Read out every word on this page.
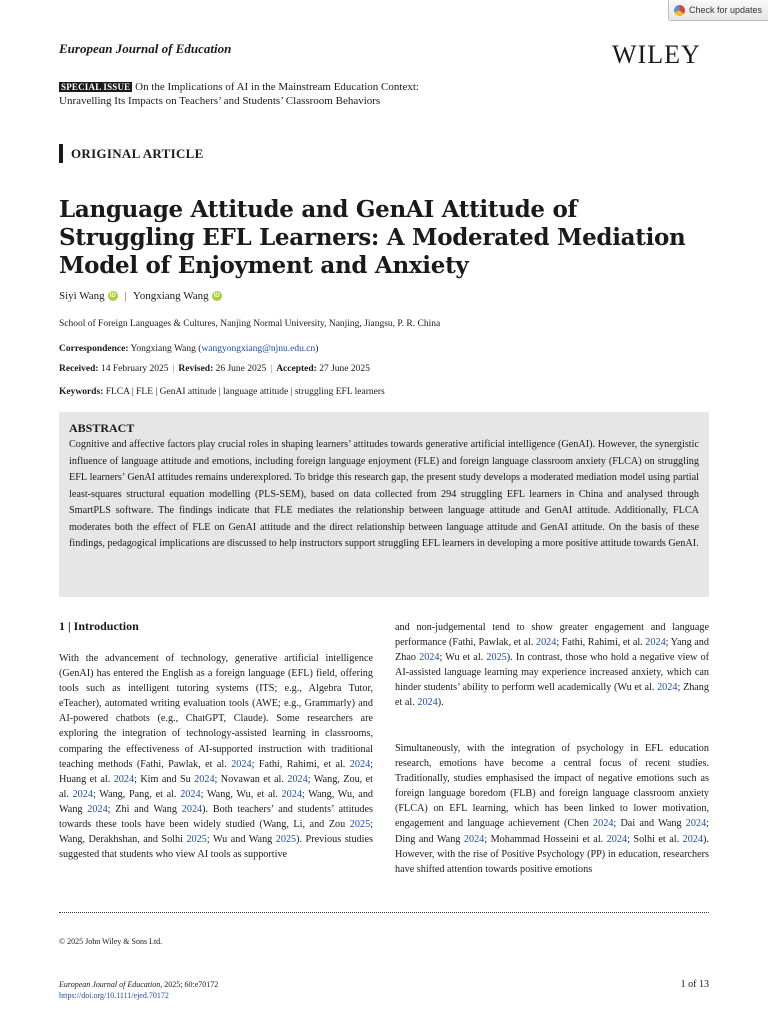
Check for updates
European Journal of Education	WILEY
SPECIAL ISSUE On the Implications of AI in the Mainstream Education Context:
Unravelling Its Impacts on Teachers’ and Students’ Classroom Behaviors
ORIGINAL ARTICLE
Language Attitude and GenAI Attitude of Struggling EFL Learners: A Moderated Mediation Model of Enjoyment and Anxiety
Siyi Wang iD | Yongxiang Wang iD
School of Foreign Languages & Cultures, Nanjing Normal University, Nanjing, Jiangsu, P. R. China
Correspondence: Yongxiang Wang (wangyongxiang@njnu.edu.cn)
Received: 14 February 2025 | Revised: 26 June 2025 | Accepted: 27 June 2025
Keywords: FLCA | FLE | GenAI attitude | language attitude | struggling EFL learners
ABSTRACT

Cognitive and affective factors play crucial roles in shaping learners’ attitudes towards generative artificial intelligence (GenAI). However, the synergistic influence of language attitude and emotions, including foreign language enjoyment (FLE) and foreign language classroom anxiety (FLCA) on struggling EFL learners’ GenAI attitudes remains underexplored. To bridge this research gap, the present study develops a moderated mediation model using partial least-squares structural equation modelling (PLS-SEM), based on data collected from 294 struggling EFL learners in China and analysed through SmartPLS software. The findings indicate that FLE mediates the relationship between language attitude and GenAI attitude. Additionally, FLCA moderates both the effect of FLE on GenAI attitude and the direct relationship between language attitude and GenAI attitude. On the basis of these findings, pedagogical implications are discussed to help instructors support struggling EFL learners in developing a more positive attitude towards GenAI.

1 | Introduction

With the advancement of technology, generative artificial intelligence (GenAI) has entered the English as a foreign language (EFL) field, offering tools such as intelligent tutoring systems (ITS; e.g., Algebra Tutor, eTeacher), automated writing evaluation tools (AWE; e.g., Grammarly) and AI-powered chatbots (e.g., ChatGPT, Claude). Some researchers are exploring the integration of technology-assisted learning in classrooms, comparing the effectiveness of AI-supported instruction with traditional teaching methods (Fathi, Pawlak, et al. 2024; Fathi, Rahimi, et al. 2024; Huang et al. 2024; Kim and Su 2024; Novawan et al. 2024; Wang, Zou, et al. 2024; Wang, Pang, et al. 2024; Wang, Wu, et al. 2024; Wang, Wu, and Wang 2024; Zhi and Wang 2024). Both teachers’ and students’ attitudes towards these tools have been widely studied (Wang, Li, and Zou 2025; Wang, Derakhshan, and Solhi 2025; Wu and Wang 2025). Previous studies suggested that students who view AI tools as supportive

and non-judgemental tend to show greater engagement and language performance (Fathi, Pawlak, et al. 2024; Fathi, Rahimi, et al. 2024; Yang and Zhao 2024; Wu et al. 2025). In contrast, those who hold a negative view of AI-assisted language learning may experience increased anxiety, which can hinder students’ ability to perform well academically (Wu et al. 2024; Zhang et al. 2024).

Simultaneously, with the integration of psychology in EFL education research, emotions have become a central focus of recent studies. Traditionally, studies emphasised the impact of negative emotions such as foreign language boredom (FLB) and foreign language classroom anxiety (FLCA) on EFL learning, which has been linked to lower motivation, engagement and language achievement (Chen 2024; Dai and Wang 2024; Ding and Wang 2024; Mohammad Hosseini et al. 2024; Solhi et al. 2024). However, with the rise of Positive Psychology (PP) in education, researchers have shifted attention towards positive emotions

© 2025 John Wiley & Sons Ltd.
European Journal of Education, 2025; 60:e70172
https://doi.org/10.1111/ejed.70172
1 of 13
